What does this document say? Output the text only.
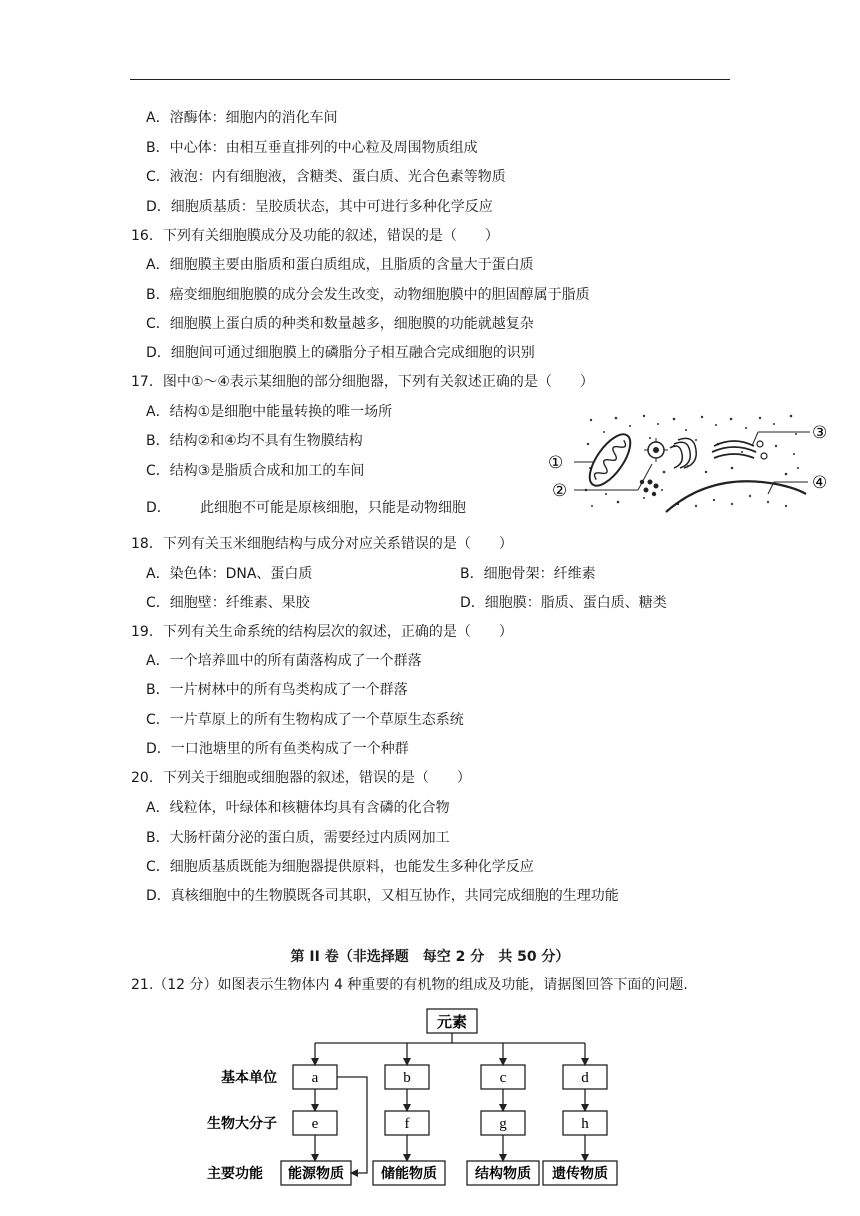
A．溶酶体：细胞内的消化车间
B．中心体：由相互垂直排列的中心粒及周围物质组成
C．液泡：内有细胞液，含糖类、蛋白质、光合色素等物质
D．细胞质基质：呈胶质状态，其中可进行多种化学反应
16．下列有关细胞膜成分及功能的叙述，错误的是（　　）
A．细胞膜主要由脂质和蛋白质组成，且脂质的含量大于蛋白质
B．癌变细胞细胞膜的成分会发生改变，动物细胞膜中的胆固醇属于脂质
C．细胞膜上蛋白质的种类和数量越多，细胞膜的功能就越复杂
D．细胞间可通过细胞膜上的磷脂分子相互融合完成细胞的识别
17．图中①～④表示某细胞的部分细胞器，下列有关叙述正确的是（　　）
A．结构①是细胞中能量转换的唯一场所
B．结构②和④均不具有生物膜结构
C．结构③是脂质合成和加工的车间
D． 此细胞不可能是原核细胞，只能是动物细胞
①
②
③
④
18．下列有关玉米细胞结构与成分对应关系错误的是（　　）
A．染色体：DNA、蛋白质	B．细胞骨架：纤维素
C．细胞壁：纤维素、果胶	D．细胞膜：脂质、蛋白质、糖类
19．下列有关生命系统的结构层次的叙述，正确的是（　　）
A．一个培养皿中的所有菌落构成了一个群落
B．一片树林中的所有鸟类构成了一个群落
C．一片草原上的所有生物构成了一个草原生态系统
D．一口池塘里的所有鱼类构成了一个种群
20．下列关于细胞或细胞器的叙述，错误的是（　　）
A．线粒体，叶绿体和核糖体均具有含磷的化合物
B．大肠杆菌分泌的蛋白质，需要经过内质网加工
C．细胞质基质既能为细胞器提供原料，也能发生多种化学反应
D．真核细胞中的生物膜既各司其职，又相互协作，共同完成细胞的生理功能
第 II 卷（非选择题　每空 2 分　共 50 分）
21.（12 分）如图表示生物体内 4 种重要的有机物的组成及功能，请据图回答下面的问题.
元素
基本单位
生物大分子
主要功能
a	b	c	d
e	f	g	h
能源物质	储能物质	结构物质 遗传物质
